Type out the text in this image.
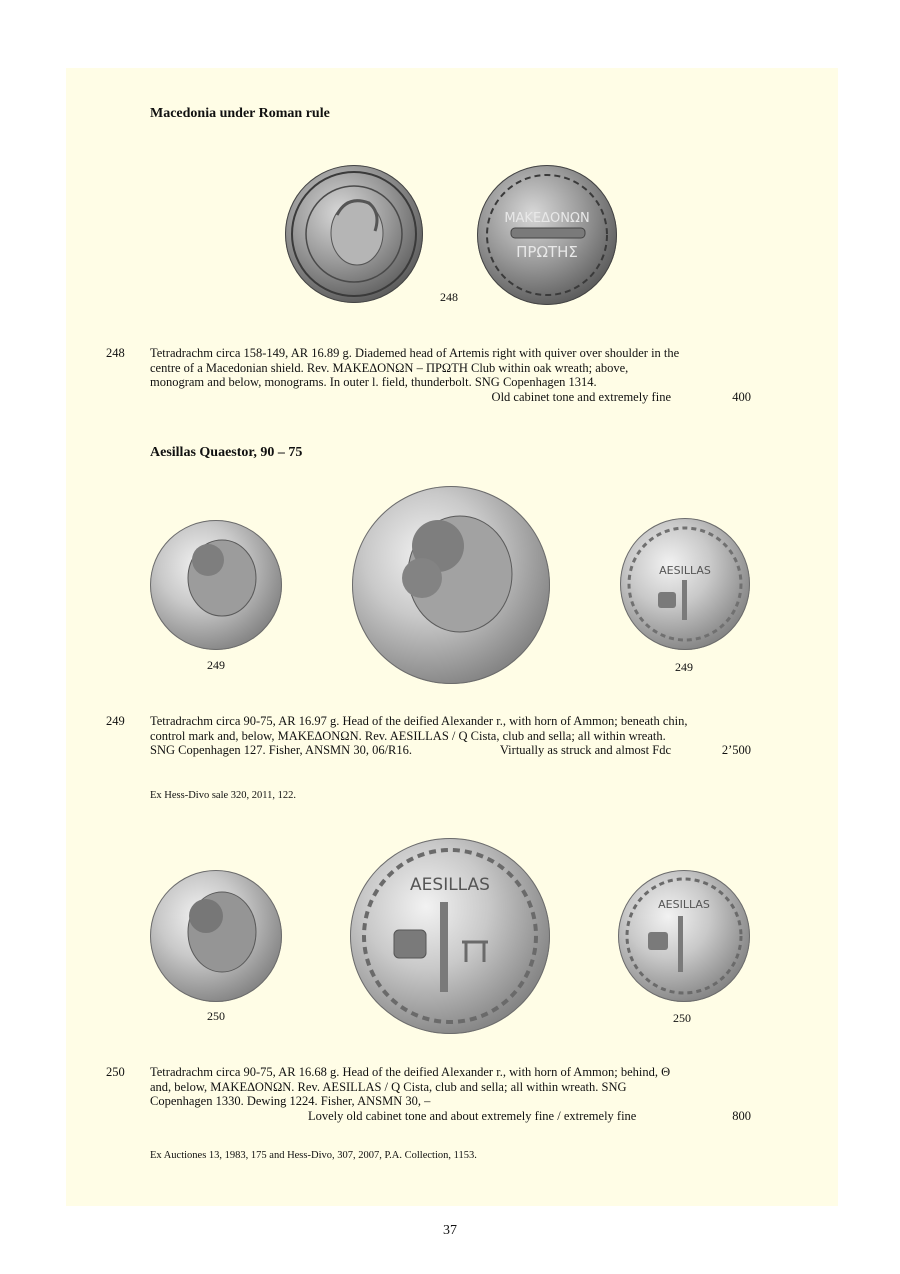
Macedonia under Roman rule
ΜΑΚΕΔΟΝΩΝ
ΠΡΩΤΗΣ
248
248 Tetradrachm circa 158-149, AR 16.89 g. Diademed head of Artemis right with quiver over shoulder in the
centre of a Macedonian shield. Rev. ΜΑΚΕΔΟΝΩΝ – ΠΡΩΤΗ Club within oak wreath; above,
monogram and below, monograms. In outer l. field, thunderbolt. SNG Copenhagen 1314.
Old cabinet tone and extremely fine	400
Aesillas Quaestor, 90 – 75
AESILLAS
249	249
249 Tetradrachm circa 90-75, AR 16.97 g. Head of the deified Alexander r., with horn of Ammon; beneath chin,
control mark and, below, ΜΑΚΕΔΟΝΩΝ. Rev. AESILLAS / Q Cista, club and sella; all within wreath.
SNG Copenhagen 127. Fisher, ANSMN 30, 06/R16.	Virtually as struck and almost Fdc	2’500
Ex Hess-Divo sale 320, 2011, 122.
AESILLAS
AESILLAS
250	250
250 Tetradrachm circa 90-75, AR 16.68 g. Head of the deified Alexander r., with horn of Ammon; behind, Θ
and, below, ΜΑΚΕΔΟΝΩΝ. Rev. AESILLAS / Q Cista, club and sella; all within wreath. SNG
Copenhagen 1330. Dewing 1224. Fisher, ANSMN 30, –
Lovely old cabinet tone and about extremely fine / extremely fine	800
Ex Auctiones 13, 1983, 175 and Hess-Divo, 307, 2007, P.A. Collection, 1153.
37
